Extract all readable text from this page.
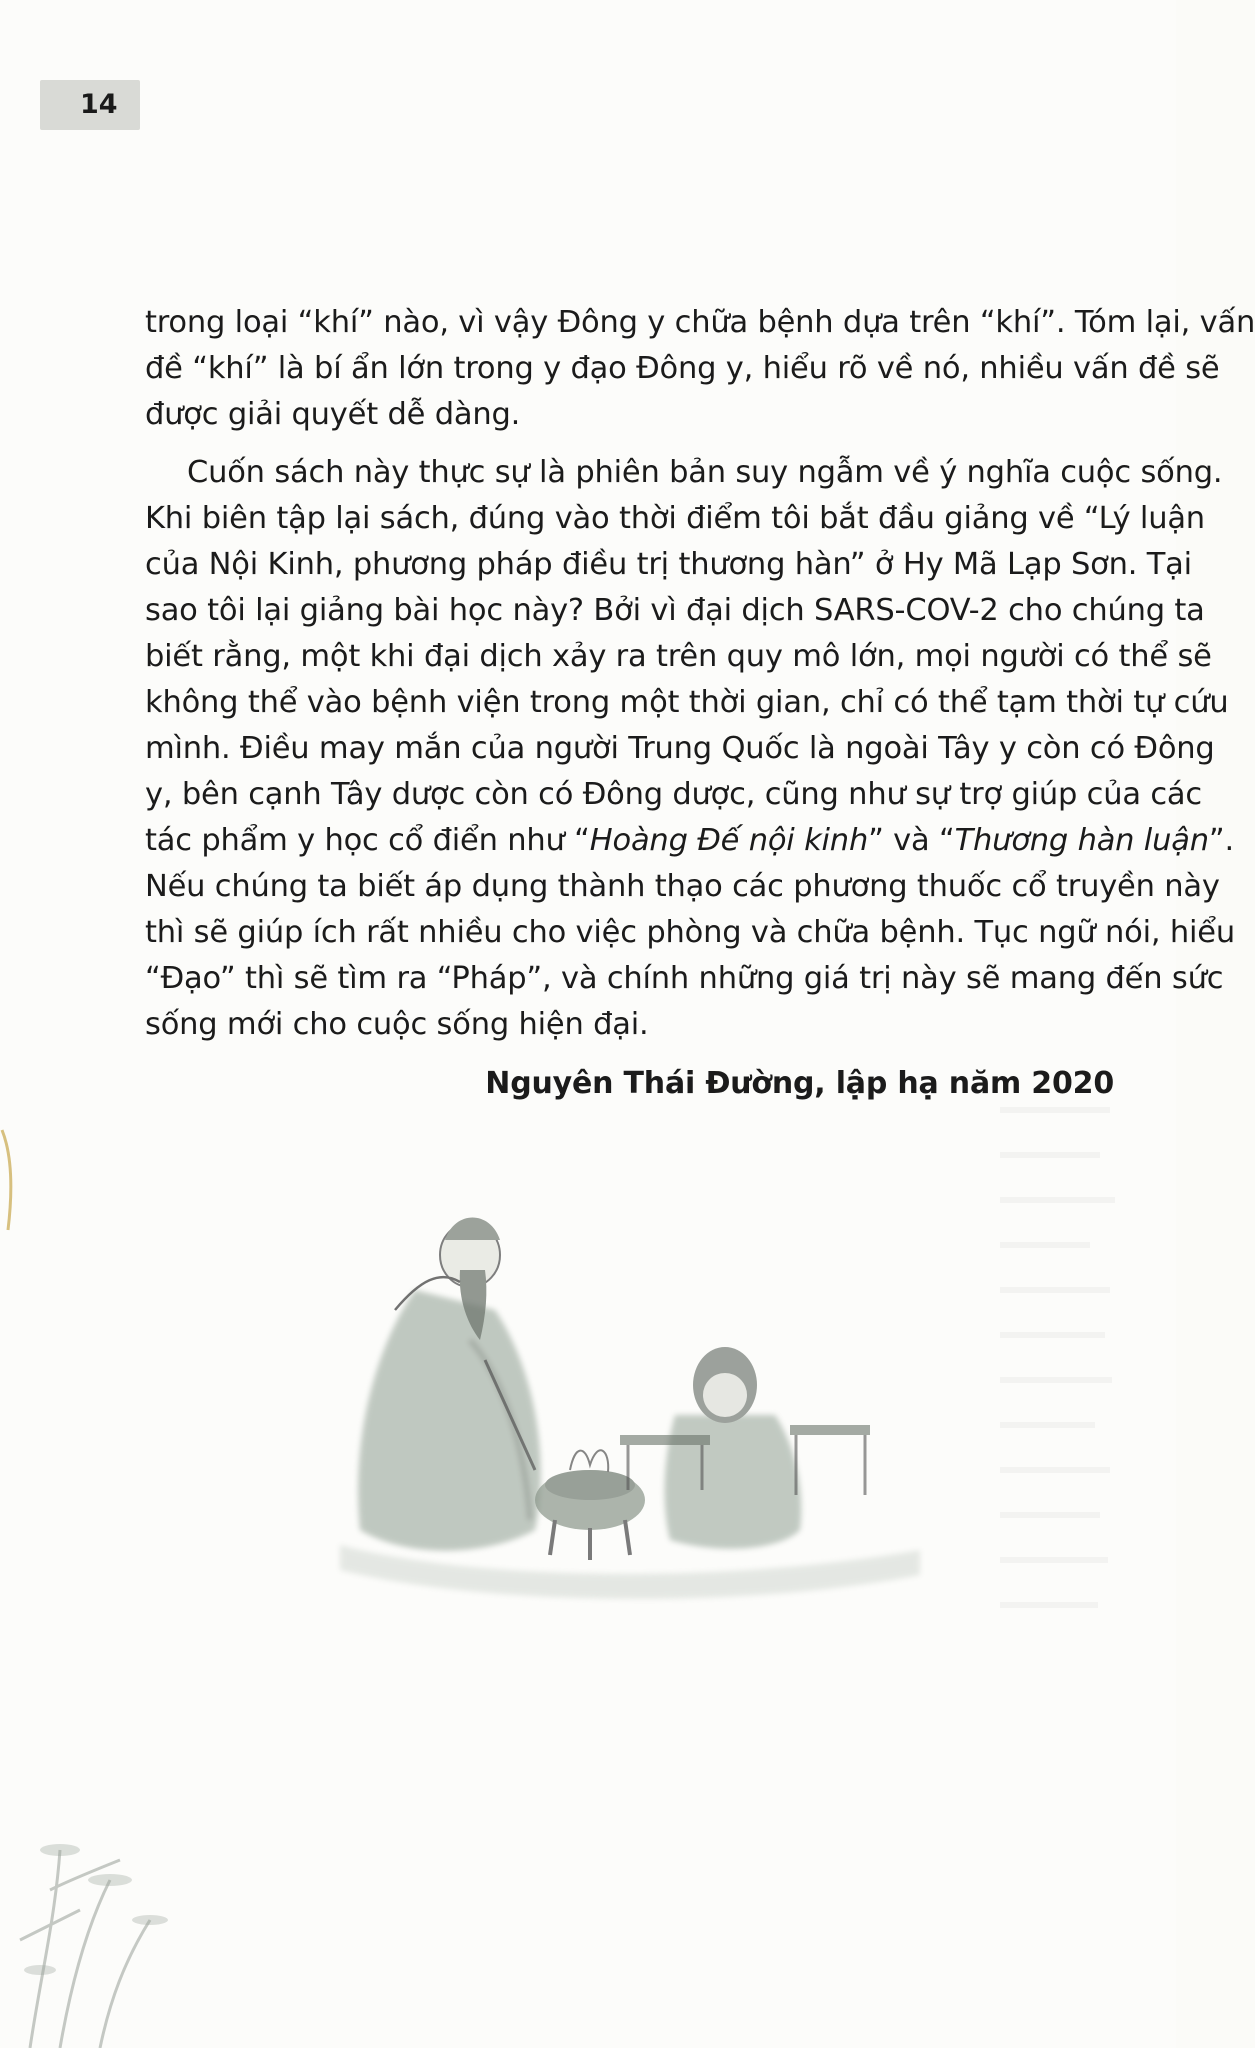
14

trong loại “khí” nào, vì vậy Đông y chữa bệnh dựa trên “khí”. Tóm lại, vấn
đề “khí” là bí ẩn lớn trong y đạo Đông y, hiểu rõ về nó, nhiều vấn đề sẽ
được giải quyết dễ dàng.

Cuốn sách này thực sự là phiên bản suy ngẫm về ý nghĩa cuộc sống.
Khi biên tập lại sách, đúng vào thời điểm tôi bắt đầu giảng về “Lý luận
của Nội Kinh, phương pháp điều trị thương hàn” ở Hy Mã Lạp Sơn. Tại
sao tôi lại giảng bài học này? Bởi vì đại dịch SARS-COV-2 cho chúng ta
biết rằng, một khi đại dịch xảy ra trên quy mô lớn, mọi người có thể sẽ
không thể vào bệnh viện trong một thời gian, chỉ có thể tạm thời tự cứu
mình. Điều may mắn của người Trung Quốc là ngoài Tây y còn có Đông
y, bên cạnh Tây dược còn có Đông dược, cũng như sự trợ giúp của các
tác phẩm y học cổ điển như “Hoàng Đế nội kinh” và “Thương hàn luận”.
Nếu chúng ta biết áp dụng thành thạo các phương thuốc cổ truyền này
thì sẽ giúp ích rất nhiều cho việc phòng và chữa bệnh. Tục ngữ nói, hiểu
“Đạo” thì sẽ tìm ra “Pháp”, và chính những giá trị này sẽ mang đến sức
sống mới cho cuộc sống hiện đại.

Nguyên Thái Đường, lập hạ năm 2020
